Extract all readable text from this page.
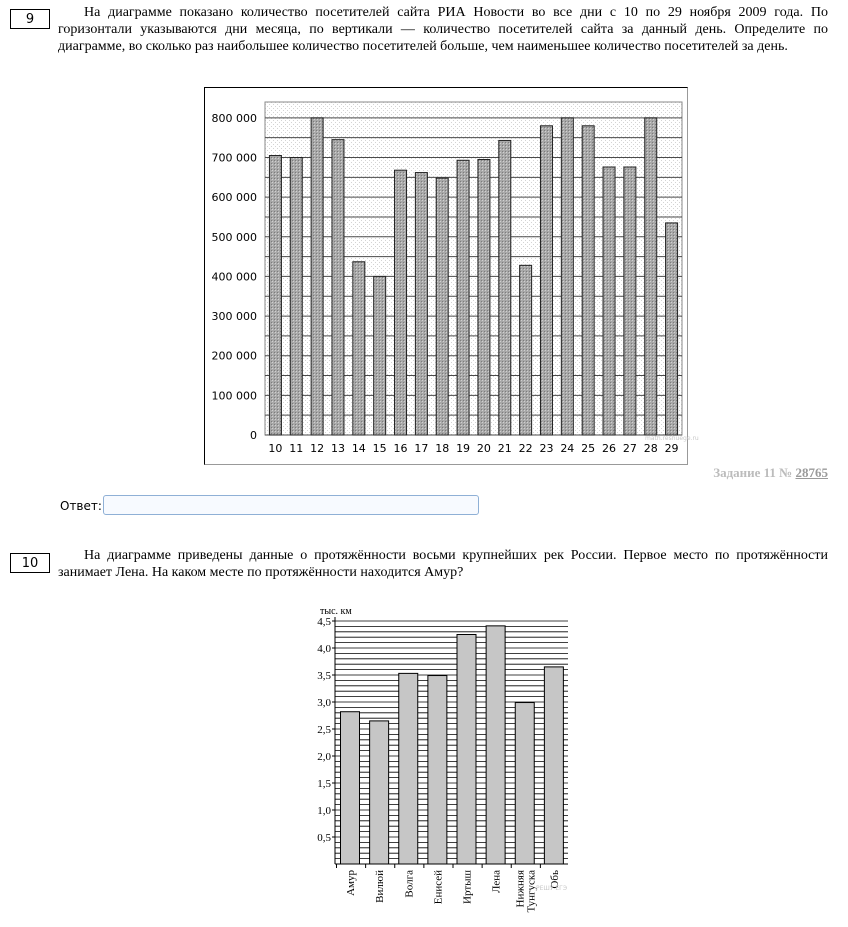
9	На диаграмме показано количество посетителей сайта РИА Новости во все дни с 10 по 29 ноября 2009 года. По горизонтали указываются дни месяца, по вертикали — количество посетителей сайта за данный день. Определите по диаграмме, во сколько раз наибольшее количество посетителей больше, чем наименьшее количество посетителей за день.
0
100 000
200 000
300 000
400 000
500 000
600 000
700 000
800 000
10 11 12 13 14 15 16 17 18 19 20 21 22 23 24 25 26 27 28 29
math.reshuege.ru
Задание 11 № 28765
Ответ:
10	На диаграмме приведены данные о протяжённости восьми крупнейших рек России. Первое место по протяжённости занимает Лена. На каком месте по протяжённости находится Амур?
0,5
1,0
1,5
2,0
2,5
3,0
3,5
4,0
4,5
Амур Вилюй Волга Енисей Иртыш Лена Нижняя Тунгуска Обь
тыс. км
РЕШУ ЕГЭ
